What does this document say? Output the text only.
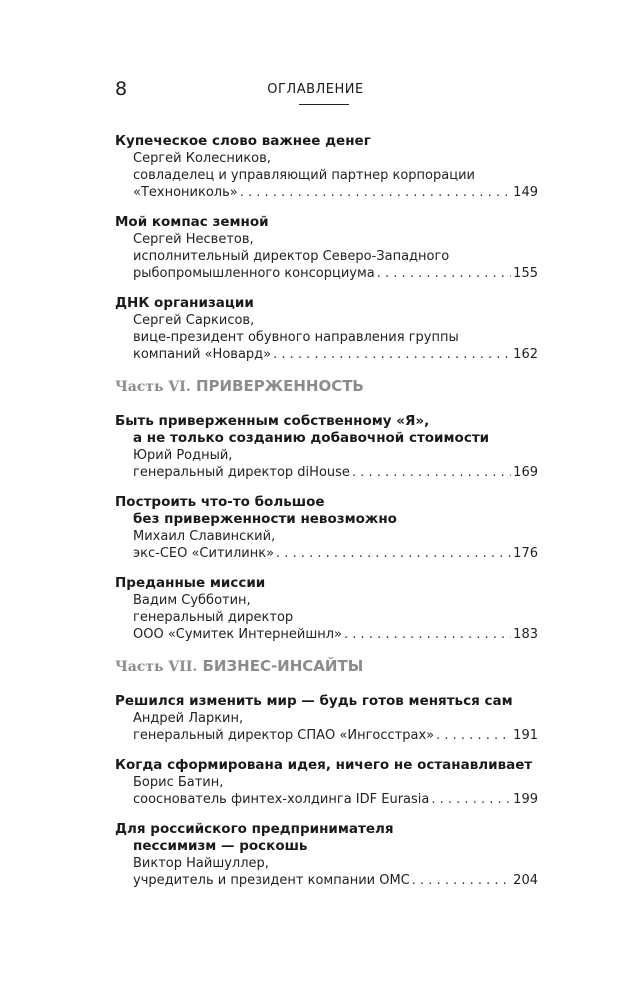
8	ОГЛАВЛЕНИЕ
Купеческое слово важнее денег
Сергей Колесников,
совладелец и управляющий партнер корпорации
«Технониколь» . . .	149
Мой компас земной
Сергей Несветов,
исполнительный директор Северо-Западного
рыбопромышленного консорциума . . .	155
ДНК организации
Сергей Саркисов,
вице-президент обувного направления группы
компаний «Новард» . . .	162
Часть VI. ПРИВЕРЖЕННОСТЬ
Быть приверженным собственному «Я»,
а не только созданию добавочной стоимости
Юрий Родный,
генеральный директор diHouse . . .	169
Построить что-то большое
без приверженности невозможно
Михаил Славинский,
экс-CEO «Ситилинк» . . .	176
Преданные миссии
Вадим Субботин,
генеральный директор
ООО «Сумитек Интернейшнл» . . .	183
Часть VII. БИЗНЕС-ИНСАЙТЫ
Решился изменить мир — будь готов меняться сам
Андрей Ларкин,
генеральный директор СПАО «Ингосстрах» . . .	191
Когда сформирована идея, ничего не останавливает
Борис Батин,
сооснователь финтех-холдинга IDF Eurasia . . .	199
Для российского предпринимателя
пессимизм — роскошь
Виктор Найшуллер,
учредитель и президент компании ОМС . . .	204
